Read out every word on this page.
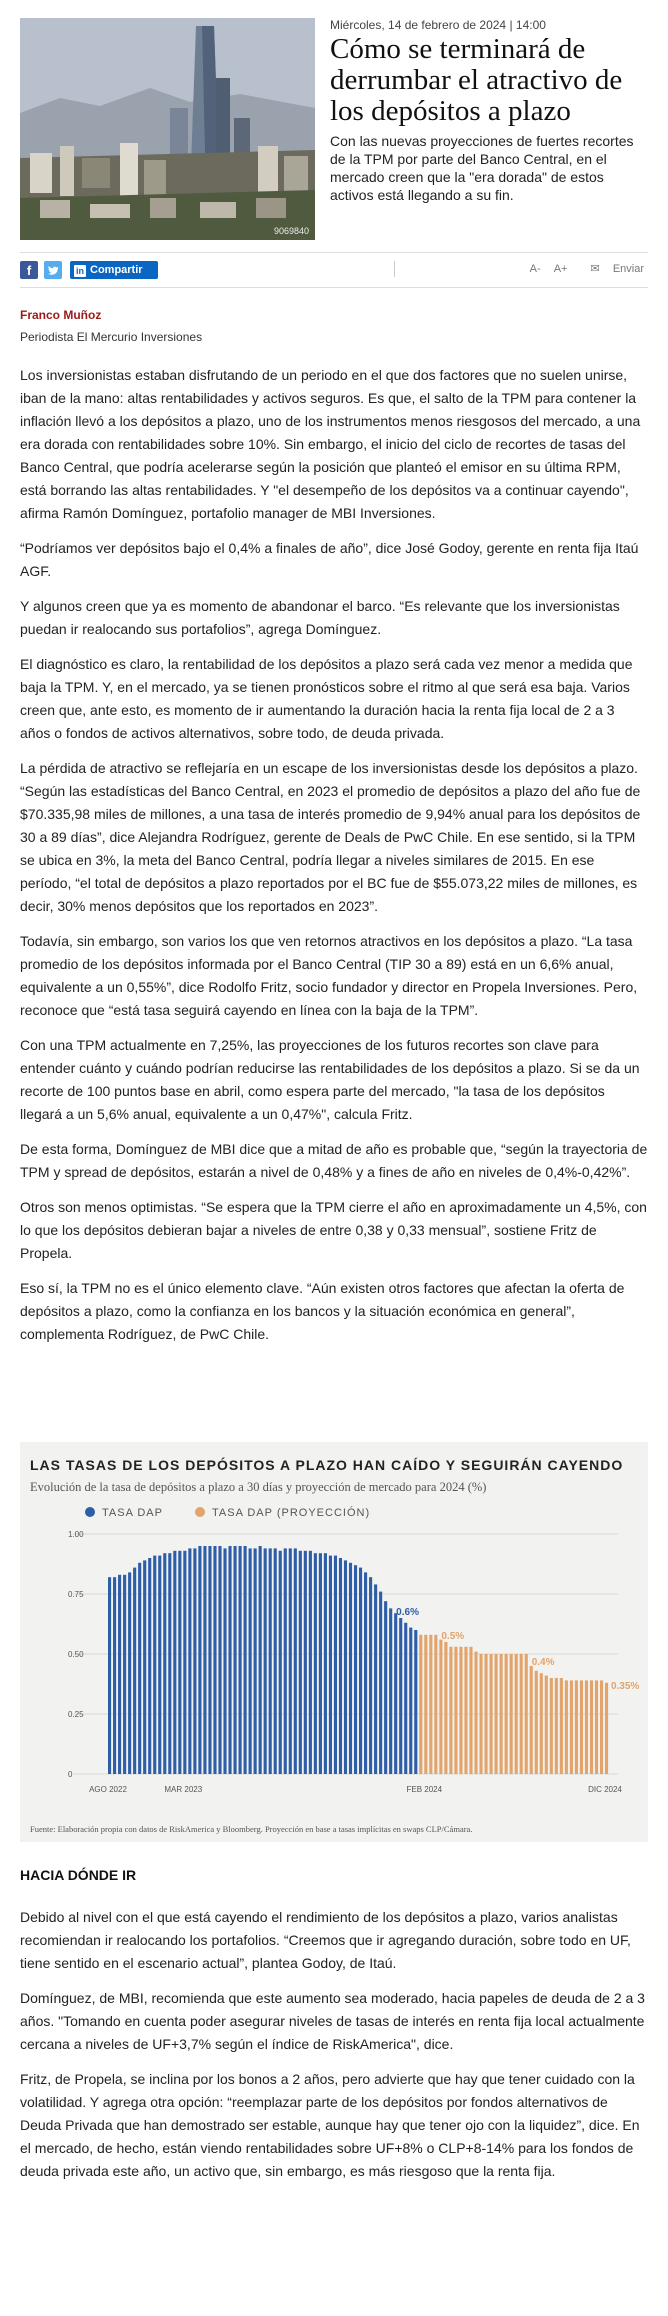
9069840
Miércoles, 14 de febrero de 2024 | 14:00
Cómo se terminará de derrumbar el atractivo de los depósitos a plazo

Con las nuevas proyecciones de fuertes recortes de la TPM por parte del Banco Central, en el mercado creen que la "era dorada" de estos activos está llegando a su fin.

f	in Compartir	A- A+ ✉ Enviar
Franco Muñoz
Periodista El Mercurio Inversiones

Los inversionistas estaban disfrutando de un periodo en el que dos factores que no suelen unirse, iban de la mano: altas rentabilidades y activos seguros. Es que, el salto de la TPM para contener la inflación llevó a los depósitos a plazo, uno de los instrumentos menos riesgosos del mercado, a una era dorada con rentabilidades sobre 10%. Sin embargo, el inicio del ciclo de recortes de tasas del Banco Central, que podría acelerarse según la posición que planteó el emisor en su última RPM, está borrando las altas rentabilidades. Y "el desempeño de los depósitos va a continuar cayendo", afirma Ramón Domínguez, portafolio manager de MBI Inversiones.

“Podríamos ver depósitos bajo el 0,4% a finales de año”, dice José Godoy, gerente en renta fija Itaú AGF.

Y algunos creen que ya es momento de abandonar el barco. “Es relevante que los inversionistas puedan ir realocando sus portafolios”, agrega Domínguez.

El diagnóstico es claro, la rentabilidad de los depósitos a plazo será cada vez menor a medida que baja la TPM. Y, en el mercado, ya se tienen pronósticos sobre el ritmo al que será esa baja. Varios creen que, ante esto, es momento de ir aumentando la duración hacia la renta fija local de 2 a 3 años o fondos de activos alternativos, sobre todo, de deuda privada.

La pérdida de atractivo se reflejaría en un escape de los inversionistas desde los depósitos a plazo. “Según las estadísticas del Banco Central, en 2023 el promedio de depósitos a plazo del año fue de $70.335,98 miles de millones, a una tasa de interés promedio de 9,94% anual para los depósitos de 30 a 89 días”, dice Alejandra Rodríguez, gerente de Deals de PwC Chile. En ese sentido, si la TPM se ubica en 3%, la meta del Banco Central, podría llegar a niveles similares de 2015. En ese período, “el total de depósitos a plazo reportados por el BC fue de $55.073,22 miles de millones, es decir, 30% menos depósitos que los reportados en 2023”.

Todavía, sin embargo, son varios los que ven retornos atractivos en los depósitos a plazo. “La tasa promedio de los depósitos informada por el Banco Central (TIP 30 a 89) está en un 6,6% anual, equivalente a un 0,55%”, dice Rodolfo Fritz, socio fundador y director en Propela Inversiones. Pero, reconoce que “está tasa seguirá cayendo en línea con la baja de la TPM”.

Con una TPM actualmente en 7,25%, las proyecciones de los futuros recortes son clave para entender cuánto y cuándo podrían reducirse las rentabilidades de los depósitos a plazo. Si se da un recorte de 100 puntos base en abril, como espera parte del mercado, "la tasa de los depósitos llegará a un 5,6% anual, equivalente a un 0,47%", calcula Fritz.

De esta forma, Domínguez de MBI dice que a mitad de año es probable que, “según la trayectoria de TPM y spread de depósitos, estarán a nivel de 0,48% y a fines de año en niveles de 0,4%-0,42%”.

Otros son menos optimistas. “Se espera que la TPM cierre el año en aproximadamente un 4,5%, con lo que los depósitos debieran bajar a niveles de entre 0,38 y 0,33 mensual”, sostiene Fritz de Propela.

Eso sí, la TPM no es el único elemento clave. “Aún existen otros factores que afectan la oferta de depósitos a plazo, como la confianza en los bancos y la situación económica en general”, complementa Rodríguez, de PwC Chile.

0
0.25
0.50
0.75
1.00
TASA DAP	TASA DAP (PROYECCIÓN)
0.6%
0.5%
0.4%
0.35%
AGO 2022	MAR 2023	FEB 2024	DIC 2024
LAS TASAS DE LOS DEPÓSITOS A PLAZO HAN CAÍDO Y SEGUIRÁN CAYENDO

Evolución de la tasa de depósitos a plazo a 30 días y proyección de mercado para 2024 (%)

Fuente: Elaboración propia con datos de RiskAmerica y Bloomberg. Proyección en base a tasas implícitas en swaps CLP/Cámara.
HACIA DÓNDE IR

Debido al nivel con el que está cayendo el rendimiento de los depósitos a plazo, varios analistas recomiendan ir realocando los portafolios. “Creemos que ir agregando duración, sobre todo en UF, tiene sentido en el escenario actual”, plantea Godoy, de Itaú.

Domínguez, de MBI, recomienda que este aumento sea moderado, hacia papeles de deuda de 2 a 3 años. "Tomando en cuenta poder asegurar niveles de tasas de interés en renta fija local actualmente cercana a niveles de UF+3,7% según el índice de RiskAmerica", dice.

Fritz, de Propela, se inclina por los bonos a 2 años, pero advierte que hay que tener cuidado con la volatilidad. Y agrega otra opción: “reemplazar parte de los depósitos por fondos alternativos de Deuda Privada que han demostrado ser estable, aunque hay que tener ojo con la liquidez”, dice. En el mercado, de hecho, están viendo rentabilidades sobre UF+8% o CLP+8-14% para los fondos de deuda privada este año, un activo que, sin embargo, es más riesgoso que la renta fija.
